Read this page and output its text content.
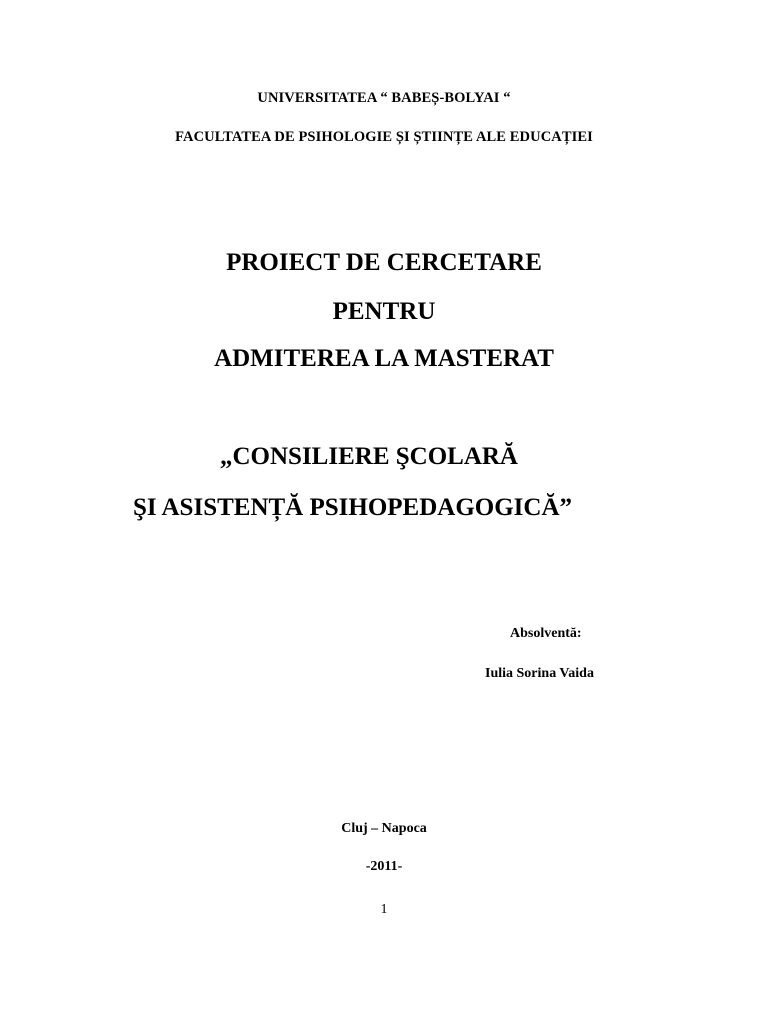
UNIVERSITATEA “ BABEȘ-BOLYAI “
FACULTATEA DE PSIHOLOGIE ȘI ȘTIINȚE ALE EDUCAȚIEI
PROIECT DE CERCETARE
PENTRU
ADMITEREA LA MASTERAT
„CONSILIERE ŞCOLARĂ
ŞI ASISTENȚĂ PSIHOPEDAGOGICĂ”
Absolventă:
Iulia Sorina Vaida
Cluj – Napoca
-2011-
1
